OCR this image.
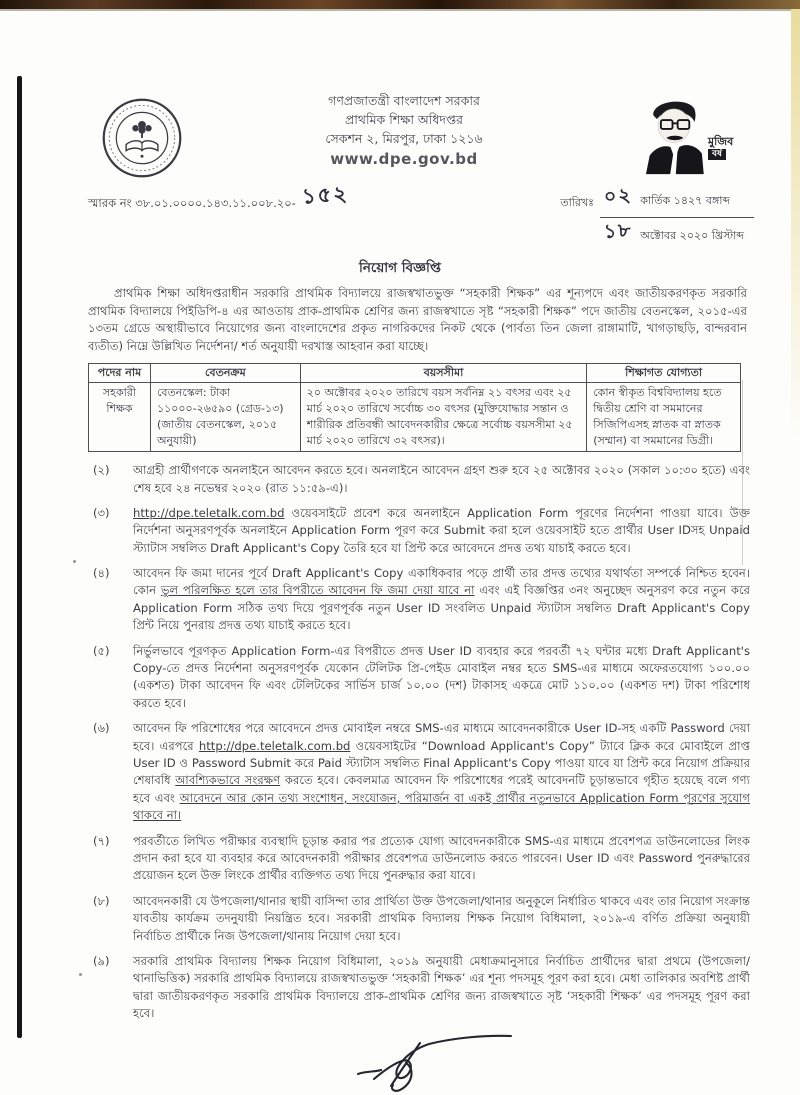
গণপ্রজাতন্ত্রী বাংলাদেশ সরকার
প্রাথমিক শিক্ষা অধিদপ্তর
সেকশন ২, মিরপুর, ঢাকা ১২১৬
www.dpe.gov.bd
মুজিব
বর্ষ
স্মারক নং ৩৮.০১.০০০০.১৪৩.১১.০০৮.২০- ১৫২	তারিখঃ ০২ কার্তিক ১৪২৭ বঙ্গাব্দ
১৮ অক্টোবর ২০২০ খ্রিস্টাব্দ
নিয়োগ বিজ্ঞপ্তি

প্রাথমিক শিক্ষা অধিদপ্তরাধীন সরকারি প্রাথমিক বিদ্যালয়ে রাজস্বখাতভুক্ত “সহকারী শিক্ষক” এর শূন্যপদে এবং জাতীয়করণকৃত সরকারি প্রাথমিক বিদ্যালয়ে পিইডিপি-৪ এর আওতায় প্রাক-প্রাথমিক শ্রেণির জন্য রাজস্বখাতে সৃষ্ট “সহকারী শিক্ষক” পদে জাতীয় বেতনস্কেল, ২০১৫-এর ১৩তম গ্রেডে অস্থায়ীভাবে নিয়োগের জন্য বাংলাদেশের প্রকৃত নাগরিকদের নিকট থেকে (পার্বত্য তিন জেলা রাঙ্গামাটি, খাগড়াছড়ি, বান্দরবান ব্যতীত) নিম্নে উল্লিখিত নির্দেশনা/ শর্ত অনুযায়ী দরখাস্ত আহবান করা যাচ্ছে।

পদের নাম	বেতনক্রম	বয়সসীমা	শিক্ষাগত যোগ্যতা
সহকারী শিক্ষক	বেতনস্কেল: টাকা ১১০০০-২৬৫৯০ (গ্রেড-১৩) (জাতীয় বেতনস্কেল, ২০১৫ অনুযায়ী)	২০ অক্টোবর ২০২০ তারিখে বয়স সর্বনিম্ন ২১ বৎসর এবং ২৫ মার্চ ২০২০ তারিখে সর্বোচ্চ ৩০ বৎসর (মুক্তিযোদ্ধার সন্তান ও শারীরিক প্রতিবন্ধী আবেদনকারীর ক্ষেত্রে সর্বোচ্চ বয়সসীমা ২৫ মার্চ ২০২০ তারিখে ৩২ বৎসর)।	কোন স্বীকৃত বিশ্ববিদ্যালয় হতে দ্বিতীয় শ্রেণি বা সমমানের সিজিপিএসহ স্নাতক বা স্নাতক (সম্মান) বা সমমানের ডিগ্রী।
(২)	আগ্রহী প্রার্থীগণকে অনলাইনে আবেদন করতে হবে। অনলাইনে আবেদন গ্রহণ শুরু হবে ২৫ অক্টোবর ২০২০ (সকাল ১০:৩০ হতে) এবং শেষ হবে ২৪ নভেম্বর ২০২০ (রাত ১১:৫৯-এ)।
(৩)	http://dpe.teletalk.com.bd ওয়েবসাইটে প্রবেশ করে অনলাইনে Application Form পূরণের নির্দেশনা পাওয়া যাবে। উক্ত নির্দেশনা অনুসরণপূর্বক অনলাইনে Application Form পূরণ করে Submit করা হলে ওয়েবসাইট হতে প্রার্থীর User IDসহ Unpaid স্ট্যাটাস সম্বলিত Draft Applicant's Copy তৈরি হবে যা প্রিন্ট করে আবেদনে প্রদত্ত তথ্য যাচাই করতে হবে।
(৪)	আবেদন ফি জমা দানের পূর্বে Draft Applicant's Copy একাধিকবার পড়ে প্রার্থী তার প্রদত্ত তথ্যের যথার্থতা সম্পর্কে নিশ্চিত হবেন। কোন ভুল পরিলক্ষিত হলে তার বিপরীতে আবেদন ফি জমা দেয়া যাবে না এবং এই বিজ্ঞপ্তির ৩নং অনুচ্ছেদ অনুসরণ করে নতুন করে Application Form সঠিক তথ্য দিয়ে পূরণপূর্বক নতুন User ID সংবলিত Unpaid স্ট্যাটাস সম্বলিত Draft Applicant's Copy প্রিন্ট নিয়ে পুনরায় প্রদত্ত তথ্য যাচাই করতে হবে।
(৫)	নির্ভুলভাবে পূরণকৃত Application Form-এর বিপরীতে প্রদত্ত User ID ব্যবহার করে পরবর্তী ৭২ ঘন্টার মধ্যে Draft Applicant's Copy-তে প্রদত্ত নির্দেশনা অনুসরণপূর্বক যেকোন টেলিটক প্রি-পেইড মোবাইল নম্বর হতে SMS-এর মাধ্যমে অফেরতযোগ্য ১০০.০০ (একশত) টাকা আবেদন ফি এবং টেলিটকের সার্ভিস চার্জ ১০.০০ (দশ) টাকাসহ একত্রে মোট ১১০.০০ (একশত দশ) টাকা পরিশোধ করতে হবে।
(৬)	আবেদন ফি পরিশোধের পরে আবেদনে প্রদত্ত মোবাইল নম্বরে SMS-এর মাধ্যমে আবেদনকারীকে User ID-সহ একটি Password দেয়া হবে। এরপরে http://dpe.teletalk.com.bd ওয়েবসাইটের “Download Applicant's Copy” ট্যাবে ক্লিক করে মোবাইলে প্রাপ্ত User ID ও Password Submit করে Paid স্ট্যাটাস সম্বলিত Final Applicant's Copy পাওয়া যাবে যা প্রিন্ট করে নিয়োগ প্রক্রিয়ার শেষাবধি আবশ্যিকভাবে সংরক্ষণ করতে হবে। কেবলমাত্র আবেদন ফি পরিশোধের পরেই আবেদনটি চূড়ান্তভাবে গৃহীত হয়েছে বলে গণ্য হবে এবং আবেদনে আর কোন তথ্য সংশোধন, সংযোজন, পরিমার্জন বা একই প্রার্থীর নতুনভাবে Application Form পূরণের সুযোগ থাকবে না।
(৭)	পরবর্তীতে লিখিত পরীক্ষার ব্যবস্থাদি চূড়ান্ত করার পর প্রত্যেক যোগ্য আবেদনকারীকে SMS-এর মাধ্যমে প্রবেশপত্র ডাউনলোডের লিংক প্রদান করা হবে যা ব্যবহার করে আবেদনকারী পরীক্ষার প্রবেশপত্র ডাউনলোড করতে পারবেন। User ID এবং Password পুনরুদ্ধারের প্রয়োজন হলে উক্ত লিংকে প্রার্থীর ব্যক্তিগত তথ্য দিয়ে পুনরুদ্ধার করা যাবে।
(৮)	আবেদনকারী যে উপজেলা/থানার স্থায়ী বাসিন্দা তার প্রার্থিতা উক্ত উপজেলা/থানার অনুকূলে নির্ধারিত থাকবে এবং তার নিয়োগ সংক্রান্ত যাবতীয় কার্যক্রম তদনুযায়ী নিয়ন্ত্রিত হবে। সরকারী প্রাথমিক বিদ্যালয় শিক্ষক নিয়োগ বিধিমালা, ২০১৯-এ বর্ণিত প্রক্রিয়া অনুযায়ী নির্বাচিত প্রার্থীকে নিজ উপজেলা/থানায় নিয়োগ দেয়া হবে।
(৯)	সরকারি প্রাথমিক বিদ্যালয় শিক্ষক নিয়োগ বিধিমালা, ২০১৯ অনুযায়ী মেধাক্রমানুসারে নির্বাচিত প্রার্থীদের দ্বারা প্রথমে (উপজেলা/থানাভিত্তিক) সরকারি প্রাথমিক বিদ্যালয়ে রাজস্বখাতভুক্ত ‘সহকারী শিক্ষক’ এর শূন্য পদসমূহ পূরণ করা হবে। মেধা তালিকার অবশিষ্ট প্রার্থী দ্বারা জাতীয়করণকৃত সরকারি প্রাথমিক বিদ্যালয়ে প্রাক-প্রাথমিক শ্রেণির জন্য রাজস্বখাতে সৃষ্ট ‘সহকারী শিক্ষক’ এর পদসমূহ পূরণ করা হবে।
